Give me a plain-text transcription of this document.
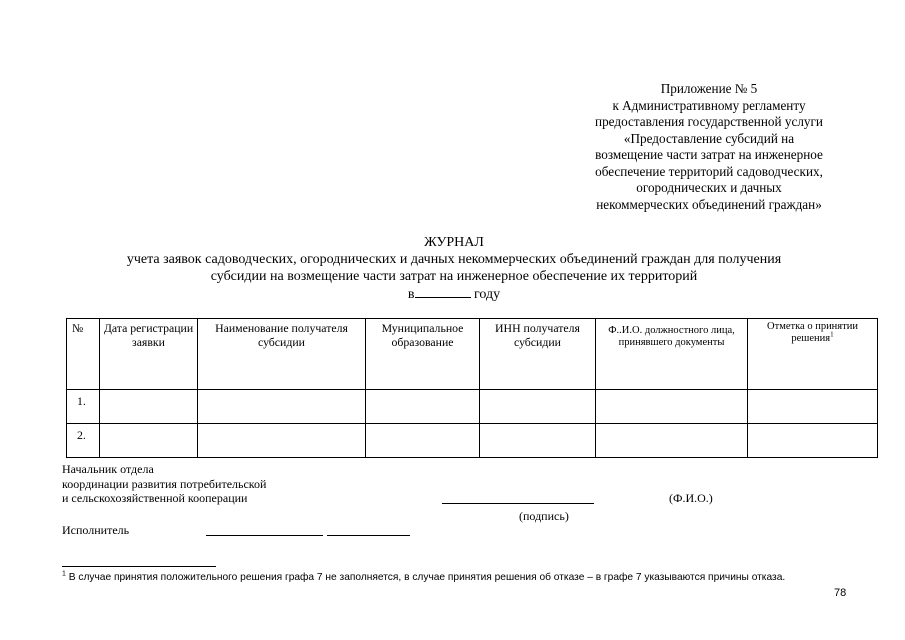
Приложение № 5
к Административному регламенту
предоставления государственной услуги
«Предоставление субсидий на
возмещение части затрат на инженерное
обеспечение территорий садоводческих,
огороднических и дачных
некоммерческих объединений граждан»
ЖУРНАЛ
учета заявок садоводческих, огороднических и дачных некоммерческих объединений граждан для получения
субсидии на возмещение части затрат на инженерное обеспечение их территорий
в	году
№	Дата регистрации заявки	Наименование получателя субсидии	Муниципальное образование	ИНН получателя субсидии	Ф..И.О. должностного лица, принявшего документы	Отметка о принятии решения$^1$
1.						
2.						
Начальник отдела
координации развития потребительской
и сельскохозяйственной кооперации
(подпись)
(Ф.И.О.)
Исполнитель
$^1$ В случае принятия положительного решения графа 7 не заполняется, в случае принятия решения об отказе – в графе 7 указываются причины отказа.
78
